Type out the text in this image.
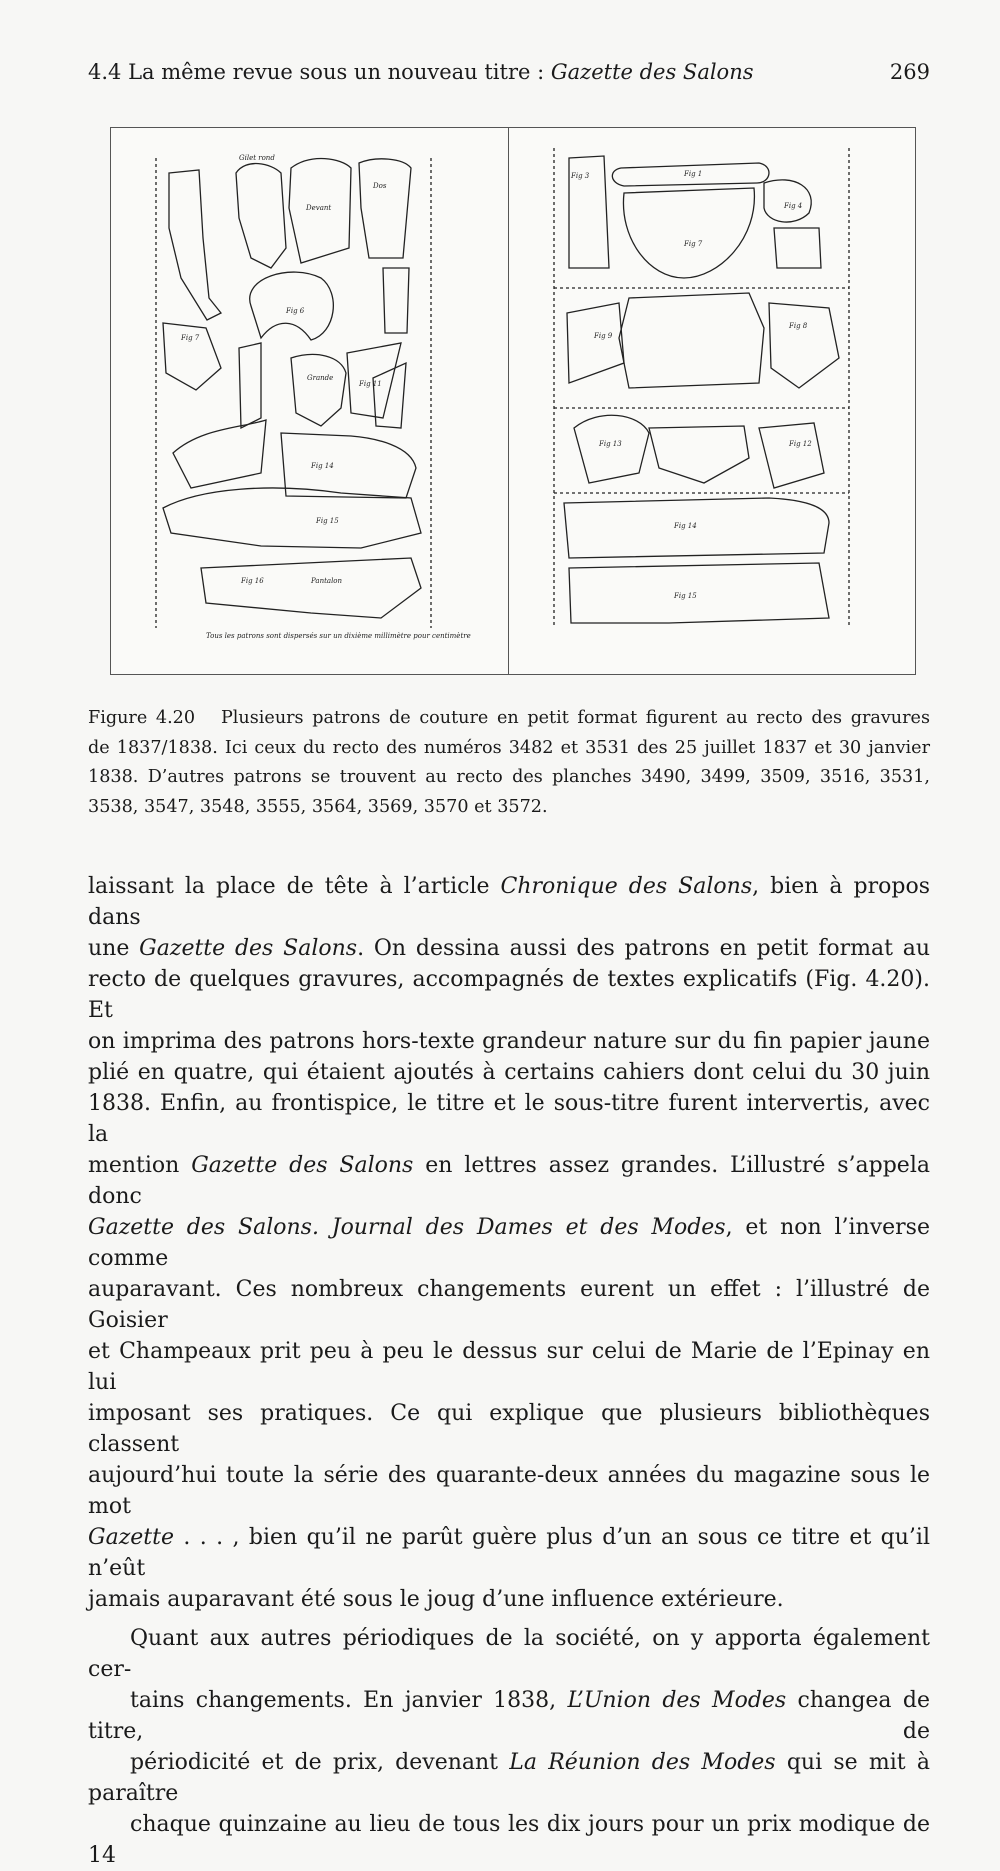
4.4 La même revue sous un nouveau titre : Gazette des Salons	269
Gilet rond
Devant
Dos
Fig 6
Fig 7
Grande
Fig 11
Fig 14
Fig 15
Pantalon
Fig 16
Tous les patrons sont dispersés sur un dixième millimètre pour centimètre
Fig 1
Fig 3
Fig 7
Fig 4
Fig 8
Fig 9
Fig 13	Fig 12
Fig 14
Fig 15
Figure 4.20 Plusieurs patrons de couture en petit format figurent au recto des gravures
de 1837/1838. Ici ceux du recto des numéros 3482 et 3531 des 25 juillet 1837 et 30 janvier
1838. D’autres patrons se trouvent au recto des planches 3490, 3499, 3509, 3516, 3531,
3538, 3547, 3548, 3555, 3564, 3569, 3570 et 3572.

laissant la place de tête à l’article Chronique des Salons, bien à propos dans
une Gazette des Salons. On dessina aussi des patrons en petit format au
recto de quelques gravures, accompagnés de textes explicatifs (Fig. 4.20). Et
on imprima des patrons hors-texte grandeur nature sur du fin papier jaune
plié en quatre, qui étaient ajoutés à certains cahiers dont celui du 30 juin
1838. Enfin, au frontispice, le titre et le sous-titre furent intervertis, avec la
mention Gazette des Salons en lettres assez grandes. L’illustré s’appela donc
Gazette des Salons. Journal des Dames et des Modes, et non l’inverse comme
auparavant. Ces nombreux changements eurent un effet : l’illustré de Goisier
et Champeaux prit peu à peu le dessus sur celui de Marie de l’Epinay en lui
imposant ses pratiques. Ce qui explique que plusieurs bibliothèques classent
aujourd’hui toute la série des quarante-deux années du magazine sous le mot
Gazette . . . , bien qu’il ne parût guère plus d’un an sous ce titre et qu’il n’eût
jamais auparavant été sous le joug d’une influence extérieure.

Quant aux autres périodiques de la société, on y apporta également cer-
tains changements. En janvier 1838, L’Union des Modes changea de titre, de
périodicité et de prix, devenant La Réunion des Modes qui se mit à paraître
chaque quinzaine au lieu de tous les dix jours pour un prix modique de 14
